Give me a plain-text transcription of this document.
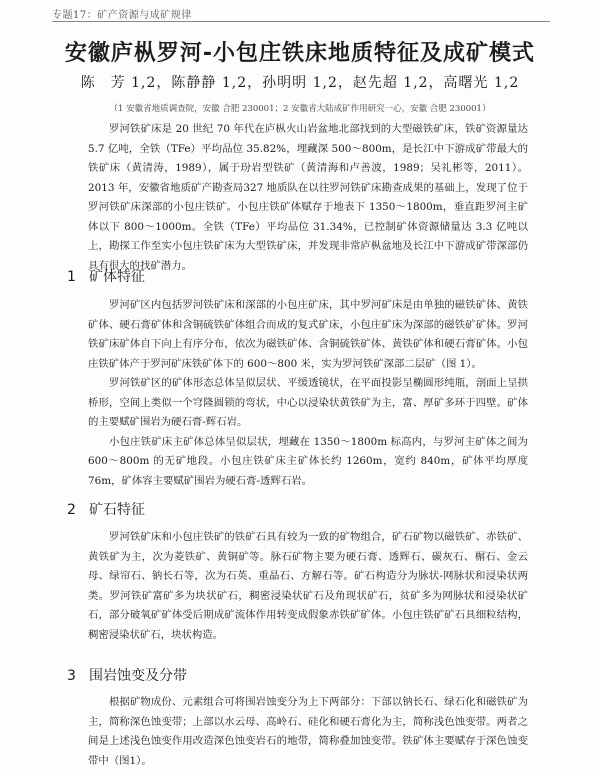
专题17：矿产资源与成矿规律
安徽庐枞罗河-小包庄铁床地质特征及成矿模式
陈　芳 1,2，陈静静 1,2，孙明明 1,2，赵先超 1,2，高曙光 1,2
（1 安徽省地质调查院，安徽 合肥 230001；2 安徽省大陆成矿作用研究一心，安徽 合肥 230001）

罗河铁矿床是 20 世纪 70 年代在庐枞火山岩盆地北部找到的大型磁铁矿床，铁矿资源量达5.7 亿吨，全铁（TFe）平均品位 35.82%，埋藏深 500～800m，是长江中下游成矿带最大的铁矿床（黄清涛，1989），属于玢岩型铁矿（黄清海和卢善波，1989；吴礼彬等，2011）。2013 年，安徽省地质矿产勘查局327 地质队在以往罗河铁矿床勘查成果的基础上，发现了位于罗河铁矿床深部的小包庄铁矿。小包庄铁矿体赋存于地表下 1350～1800m，垂直距罗河主矿体以下 800～1000m。全铁（TFe）平均品位 31.34%，已控制矿体资源储量达 3.3 亿吨以上，勘探工作至实小包庄铁矿床为大型铁矿床，并发现非常庐枞盆地及长江中下游成矿带深部仍具有很大的找矿潜力。

1 矿体特征

罗河矿区内包括罗河铁矿床和深部的小包庄矿床，其中罗河矿床是由单独的磁铁矿体、黄铁矿体、硬石膏矿体和含铜硫铁矿体组合而成的复式矿床，小包庄矿床为深部的磁铁矿矿体。罗河铁矿床矿体自下向上有序分布，依次为磁铁矿体、含铜硫铁矿体、黄铁矿体和硬石膏矿体。小包庄铁矿体产于罗河矿床铁矿体下的 600～800 米，实为罗河铁矿深部二层矿（图 1）。

罗河铁矿区的矿体形态总体呈似层状、平缓透镜状，在平面投影呈椭圆形纯瓶，剖面上呈拱桥形，空间上类似一个穹隆圆锁的弯状，中心以浸染状黄铁矿为主，富、厚矿多环于四壁。矿体的主要赋矿围岩为硬石膏-辉石岩。

小包庄铁矿床主矿体总体呈似层状，埋藏在 1350～1800m 标高内，与罗河主矿体之间为 600～800m 的无矿地段。小包庄铁矿床主矿体长约 1260m，宽约 840m，矿体平均厚度 76m，矿体容主要赋矿围岩为硬石膏-透辉石岩。

2 矿石特征

罗河铁矿床和小包庄铁矿的铁矿石具有较为一致的矿物组合，矿石矿物以磁铁矿、赤铁矿、黄铁矿为主，次为菱铁矿、黄铜矿等。脉石矿物主要为硬石膏、透辉石、碳灰石、榍石、金云母、绿帘石、钠长石等，次为石英、重晶石、方解石等。矿石构造分为脉状-网脉状和浸染状两类。罗河铁矿富矿多为块状矿石，稠密浸染状矿石及角现状矿石，贫矿多为网脉状和浸染状矿石，部分破氧矿矿体受后期成矿流体作用转变成假象赤铁矿矿体。小包庄铁矿矿石具细粒结构，稠密浸染状矿石，块状构造。

3 围岩蚀变及分带

根据矿物成份、元素组合可将围岩蚀变分为上下两部分：下部以钠长石、绿石化和磁铁矿为主，简称深色蚀变带；上部以水云母、高岭石、硅化和硬石膏化为主，简称浅色蚀变带。两者之间是上述浅色蚀变作用改造深色蚀变岩石的地带，简称叠加蚀变带。铁矿体主要赋存于深色蚀变带中（图1）。
